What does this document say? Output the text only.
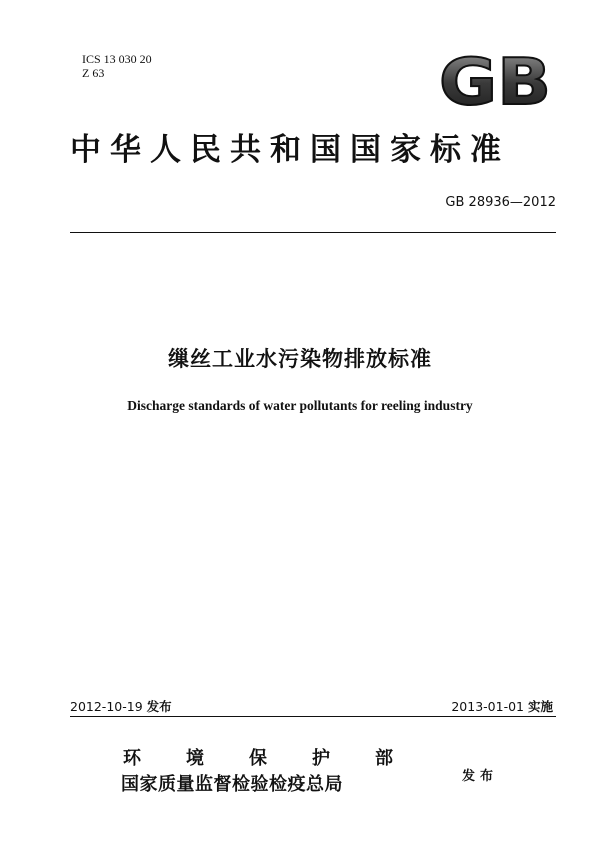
ICS 13 030 20
Z 63	GB
中华人民共和国国家标准
GB 28936—2012
缫丝工业水污染物排放标准
Discharge standards of water pollutants for reeling industry
2012-10-19 发布	2013-01-01 实施
环境保护部
国家质量监督检验检疫总局	发布
